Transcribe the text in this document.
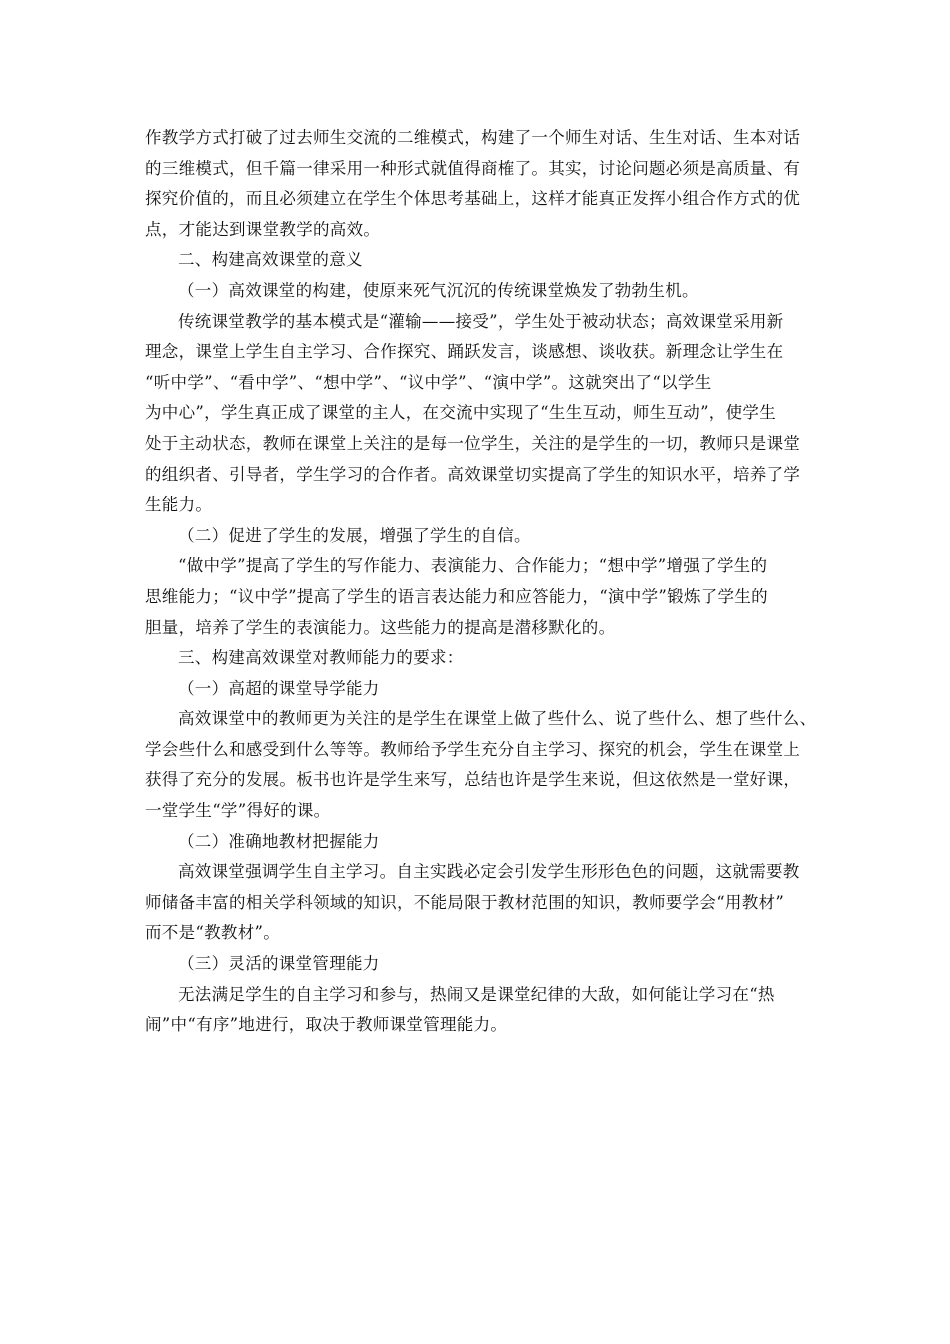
作教学方式打破了过去师生交流的二维模式，构建了一个师生对话、生生对话、生本对话
的三维模式，但千篇一律采用一种形式就值得商榷了。其实，讨论问题必须是高质量、有
探究价值的，而且必须建立在学生个体思考基础上，这样才能真正发挥小组合作方式的优
点，才能达到课堂教学的高效。
二、构建高效课堂的意义
（一）高效课堂的构建，使原来死气沉沉的传统课堂焕发了勃勃生机。
传统课堂教学的基本模式是“灌输——接受”，学生处于被动状态；高效课堂采用新
理念，课堂上学生自主学习、合作探究、踊跃发言，谈感想、谈收获。新理念让学生在
“听中学”、“看中学”、“想中学”、“议中学”、“演中学”。这就突出了“以学生
为中心”，学生真正成了课堂的主人，在交流中实现了“生生互动，师生互动”，使学生
处于主动状态，教师在课堂上关注的是每一位学生，关注的是学生的一切，教师只是课堂
的组织者、引导者，学生学习的合作者。高效课堂切实提高了学生的知识水平，培养了学
生能力。
（二）促进了学生的发展，增强了学生的自信。
“做中学”提高了学生的写作能力、表演能力、合作能力；“想中学”增强了学生的
思维能力；“议中学”提高了学生的语言表达能力和应答能力，“演中学”锻炼了学生的
胆量，培养了学生的表演能力。这些能力的提高是潜移默化的。
三、构建高效课堂对教师能力的要求：
（一）高超的课堂导学能力
高效课堂中的教师更为关注的是学生在课堂上做了些什么、说了些什么、想了些什么、
学会些什么和感受到什么等等。教师给予学生充分自主学习、探究的机会，学生在课堂上
获得了充分的发展。板书也许是学生来写，总结也许是学生来说，但这依然是一堂好课，
一堂学生“学”得好的课。
（二）准确地教材把握能力
高效课堂强调学生自主学习。自主实践必定会引发学生形形色色的问题，这就需要教
师储备丰富的相关学科领域的知识，不能局限于教材范围的知识，教师要学会“用教材”
而不是“教教材”。
（三）灵活的课堂管理能力
无法满足学生的自主学习和参与，热闹又是课堂纪律的大敌，如何能让学习在“热
闹”中“有序”地进行，取决于教师课堂管理能力。
